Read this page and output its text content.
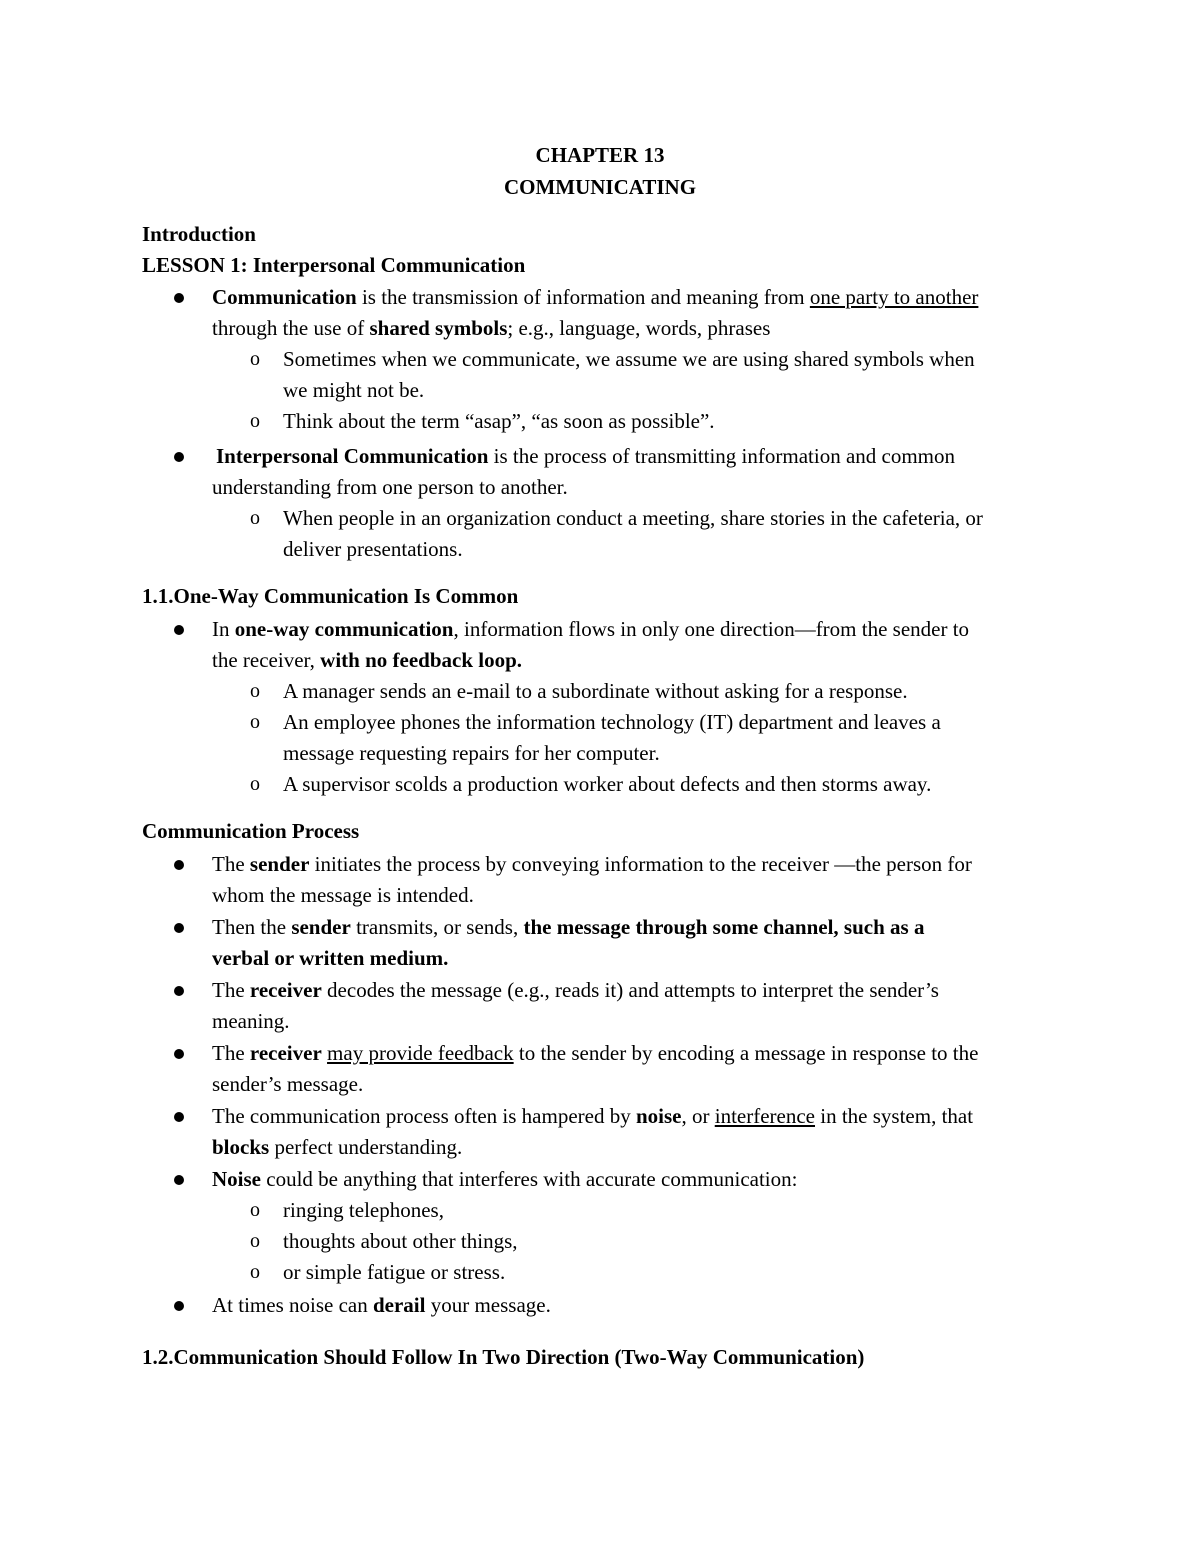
CHAPTER 13
COMMUNICATING
Introduction
LESSON 1: Interpersonal Communication
Communication is the transmission of information and meaning from one party to another
through the use of shared symbols; e.g., language, words, phrases
o Sometimes when we communicate, we assume we are using shared symbols when
we might not be.
o Think about the term “asap”, “as soon as possible”.
Interpersonal Communication is the process of transmitting information and common
understanding from one person to another.
o When people in an organization conduct a meeting, share stories in the cafeteria, or
deliver presentations.
1.1.One-Way Communication Is Common
In one-way communication, information flows in only one direction—from the sender to
the receiver, with no feedback loop.
o A manager sends an e-mail to a subordinate without asking for a response.
o An employee phones the information technology (IT) department and leaves a
message requesting repairs for her computer.
o A supervisor scolds a production worker about defects and then storms away.
Communication Process
The sender initiates the process by conveying information to the receiver —the person for
whom the message is intended.
Then the sender transmits, or sends, the message through some channel, such as a
verbal or written medium.
The receiver decodes the message (e.g., reads it) and attempts to interpret the sender’s
meaning.
The receiver may provide feedback to the sender by encoding a message in response to the
sender’s message.
The communication process often is hampered by noise, or interference in the system, that
blocks perfect understanding.
Noise could be anything that interferes with accurate communication:
o ringing telephones,
o thoughts about other things,
o or simple fatigue or stress.
At times noise can derail your message.
1.2.Communication Should Follow In Two Direction (Two-Way Communication)
